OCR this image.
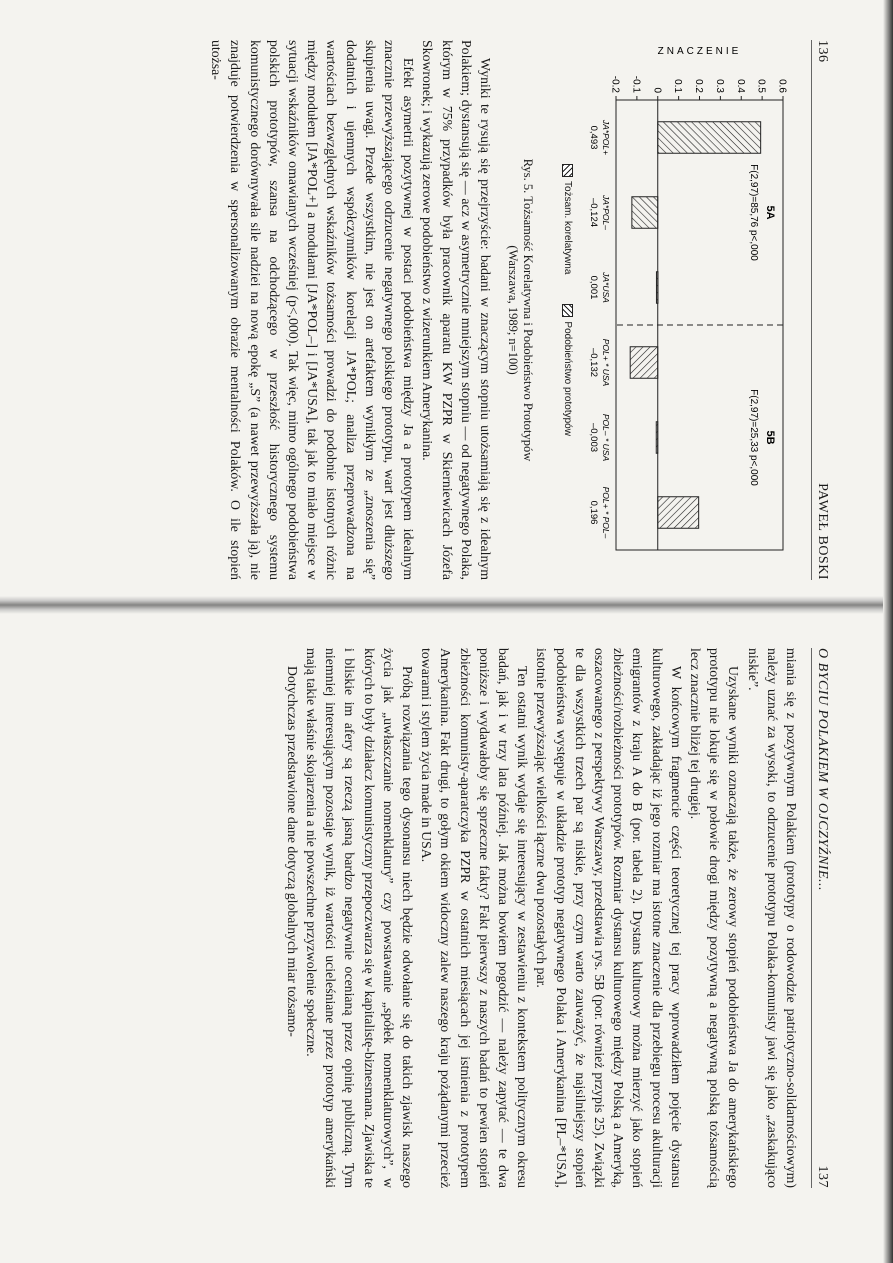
136
PAWEŁ BOSKI
-0.2 -0.1 0 0.1 0.2 0.3 0.4 0.5 0.6
ZNACZENIE
5A
F(2,97)=85,76 p<,000
5B
F(2,97)=25,33 p<,000
JA*POL+
0,493
JA*POL–
–0,124
JA*USA
0,001
POL+ * USA
–0,132
POL– * USA
–0,003
POL+ * POL–
0,196
Tożsam. korelatywna
Podobieństwo prototypów
Rys. 5. Tożsamość Korelatywna i Podobieństwo Prototypów
(Warszawa, 1989; n=100)

Wyniki te rysują się przejrzyście: badani w znaczącym stopniu utożsamiają się z idealnym Polakiem; dystansują się — acz w asymetrycznie mniejszym stopniu — od negatywnego Polaka, którym w 75% przypadków była pracownik aparatu KW PZPR w Skierniewicach Józefa Skowronek; i wykazują zerowe podobieństwo z wizerunkiem Amerykanina.

Efekt asymetrii pozytywnej w postaci podobieństwa między Ja a prototypem idealnym znacznie przewyższającego odrzucenie negatywnego polskiego prototypu, wart jest dłuższego skupienia uwagi. Przede wszystkim, nie jest on artefaktem wynikłym ze „znoszenia się” dodatnich i ujemnych współczynników korelacji JA*POL; analiza przeprowadzona na wartościach bezwzględnych wskaźników tożsamości prowadzi do podobnie istotnych różnic między modułem [JA*POL+] a modułami [JA*POL–] i [JA*USA], tak jak to miało miejsce w sytuacji wskaźników omawianych wcześniej (p<,000). Tak więc, mimo ogólnego podobieństwa polskich prototypów, szansa na odchodzącego w przeszłość historycznego systemu komunistycznego dorównywała sile nadziei na nową epokę „S” (a nawet przewyższała ją), nie znajduje potwierdzenia w spersonalizowanym obrazie mentalności Polaków. O ile stopień utożsa-

O BYCIU POLAKIEM W OJCZYŹNIE...
137

miania się z pozytywnym Polakiem (prototypy o rodowodzie patriotyczno-solidarnościowym) należy uznać za wysoki, to odrzucenie prototypu Polaka-komunisty jawi się jako „zaskakująco niskie”.

Uzyskane wyniki oznaczają także, że zerowy stopień podobieństwa Ja do amerykańskiego prototypu nie lokuje się w połowie drogi między pozytywną a negatywną polską tożsamością lecz znacznie bliżej tej drugiej.

W końcowym fragmencie części teoretycznej tej pracy wprowadziłem pojęcie dystansu kulturowego, zakładając iż jego rozmiar ma istotne znaczenie dla przebiegu procesu akulturacji emigrantów z kraju A do B (por. tabela 2). Dystans kulturowy można mierzyć jako stopień zbieżności/rozbieżności prototypów. Rozmiar dystansu kulturowego między Polską a Ameryką, oszacowanego z perspektywy Warszawy, przedstawia rys. 5B (por. również przypis 25). Związki te dla wszystkich trzech par są niskie, przy czym warto zauważyć, że najsilniejszy stopień podobieństwa występuje w układzie prototyp negatywnego Polaka i Amerykanina [PL–*USA], istotnie przewyższając wielkości łączne dwu pozostałych par.

Ten ostatni wynik wydaje się interesujący w zestawieniu z kontekstem politycznym okresu badań, jak i w trzy lata później. Jak można bowiem pogodzić — należy zapytać — te dwa poniższe i wydawałoby się sprzeczne fakty? Fakt pierwszy z naszych badań to pewien stopień zbieżności komunisty-aparatczyka PZPR w ostatnich miesiącach jej istnienia z prototypem Amerykanina. Fakt drugi, to gołym okiem widoczny zalew naszego kraju pożądanymi przecież towarami i stylem życia made in USA.

Próbą rozwiązania tego dysonansu niech będzie odwołanie się do takich zjawisk naszego życia jak „uwłaszczanie nomenklatury” czy powstawanie „spółek nomenklaturowych”, w których to były działacz komunistyczny przepoczwarza się w kapitalistę-biznesmana. Zjawiska te i bliskie im afery są rzeczą jasną bardzo negatywnie ocenianą przez opinię publiczną. Tym niemniej interesującym pozostaje wynik, iż wartości ucieleśniane przez prototyp amerykański mają takie właśnie skojarzenia a nie powszechne przyzwolenie społeczne.

Dotychczas przedstawione dane dotyczą globalnych miar tożsamo-
